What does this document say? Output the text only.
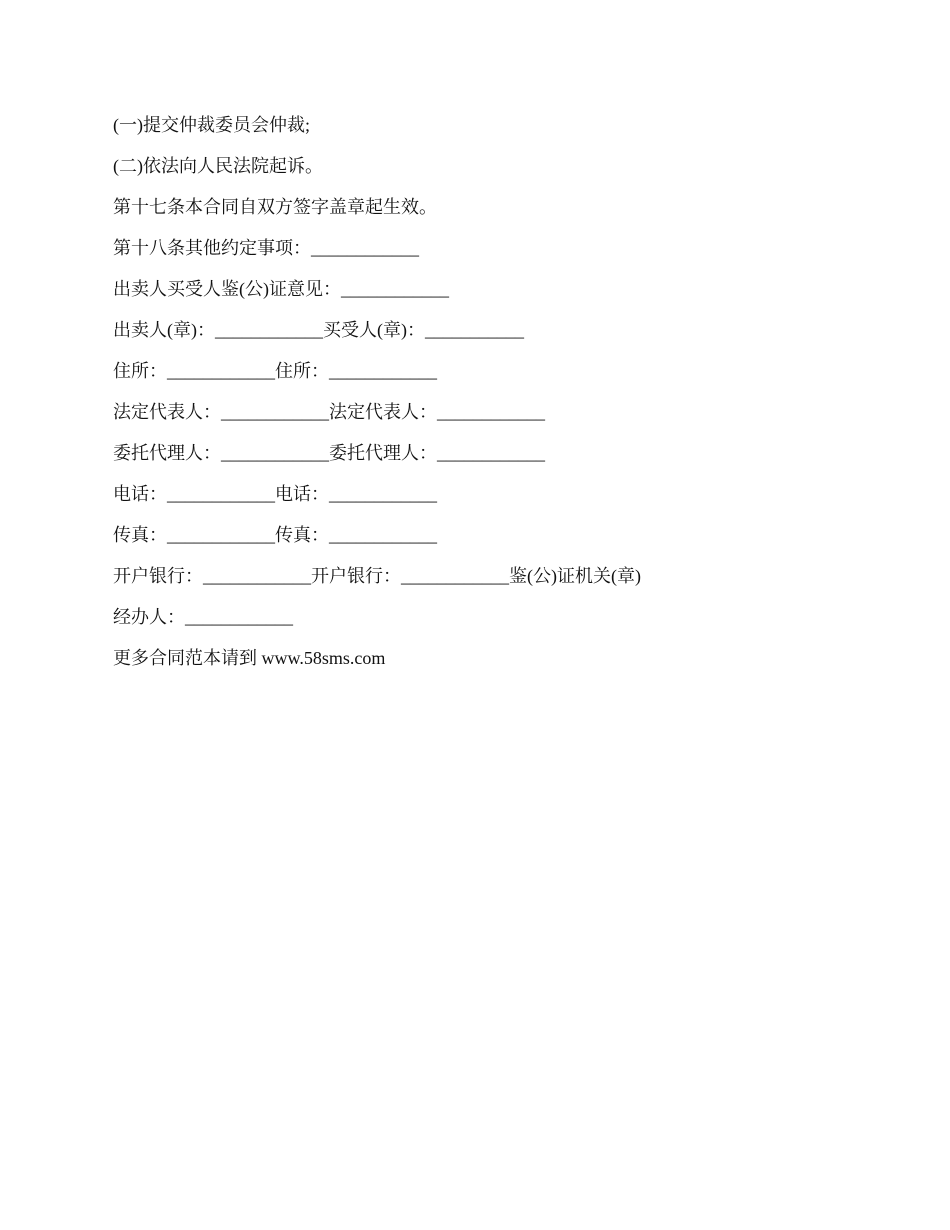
(一)提交仲裁委员会仲裁;
(二)依法向人民法院起诉。
第十七条本合同自双方签字盖章起生效。
第十八条其他约定事项：____________
出卖人买受人鉴(公)证意见：____________
出卖人(章)：____________买受人(章)：___________
住所：____________住所：____________
法定代表人：____________法定代表人：____________
委托代理人：____________委托代理人：____________
电话：____________电话：____________
传真：____________传真：____________
开户银行：____________开户银行：____________鉴(公)证机关(章)
经办人：____________
更多合同范本请到 www.58sms.com
